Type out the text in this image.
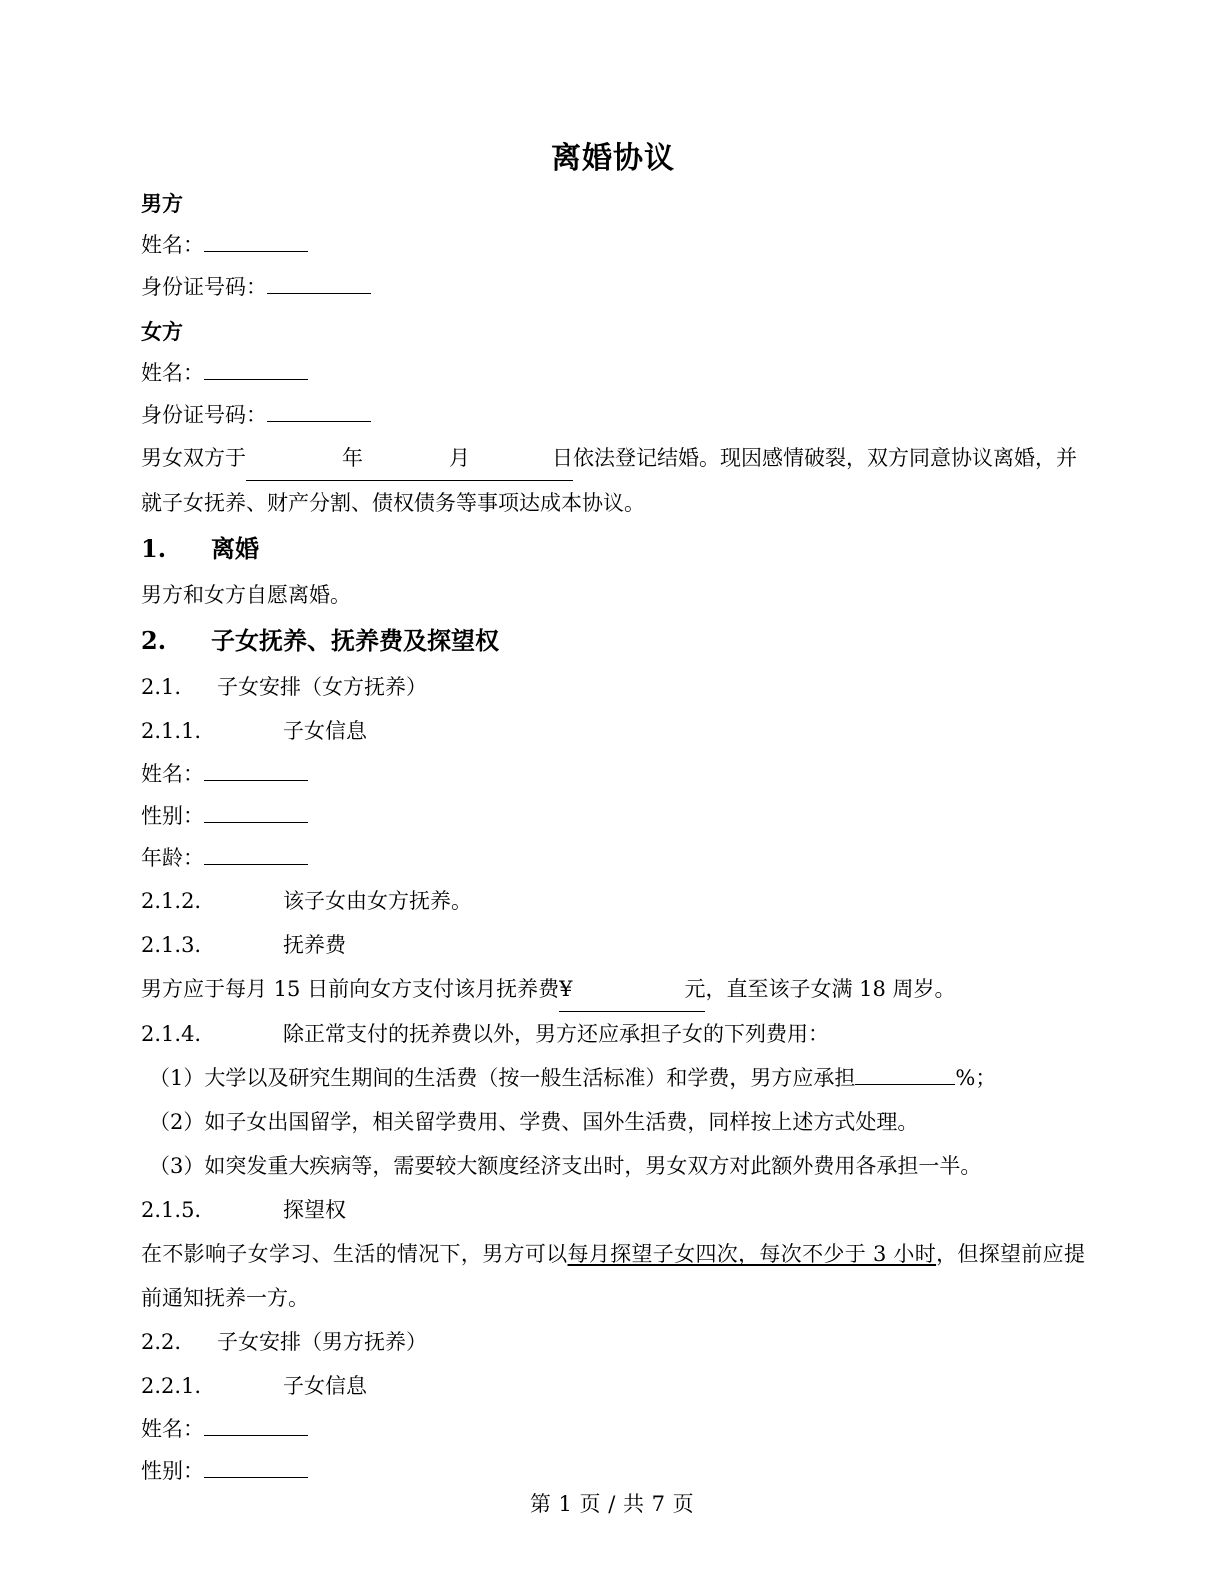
离婚协议
男方
姓名：
身份证号码：
女方
姓名：
身份证号码：
男女双方于	年	月	日依法登记结婚。现因感情破裂，双方同意协议离婚，并就子女抚养、财产分割、债权债务等事项达成本协议。
1.	离婚
男方和女方自愿离婚。
2.	子女抚养、抚养费及探望权
2.1.	子女安排（女方抚养）
2.1.1.	子女信息
姓名：
性别：
年龄：
2.1.2.	该子女由女方抚养。
2.1.3.	抚养费
男方应于每月 15 日前向女方支付该月抚养费¥	元，直至该子女满 18 周岁。
2.1.4.	除正常支付的抚养费以外，男方还应承担子女的下列费用：
（1）大学以及研究生期间的生活费（按一般生活标准）和学费，男方应承担	%；
（2）如子女出国留学，相关留学费用、学费、国外生活费，同样按上述方式处理。
（3）如突发重大疾病等，需要较大额度经济支出时，男女双方对此额外费用各承担一半。
2.1.5.	探望权
在不影响子女学习、生活的情况下，男方可以每月探望子女四次，每次不少于 3 小时，但探望前应提前通知抚养一方。
2.2.	子女安排（男方抚养）
2.2.1.	子女信息
姓名：
性别：
第 1 页 / 共 7 页
